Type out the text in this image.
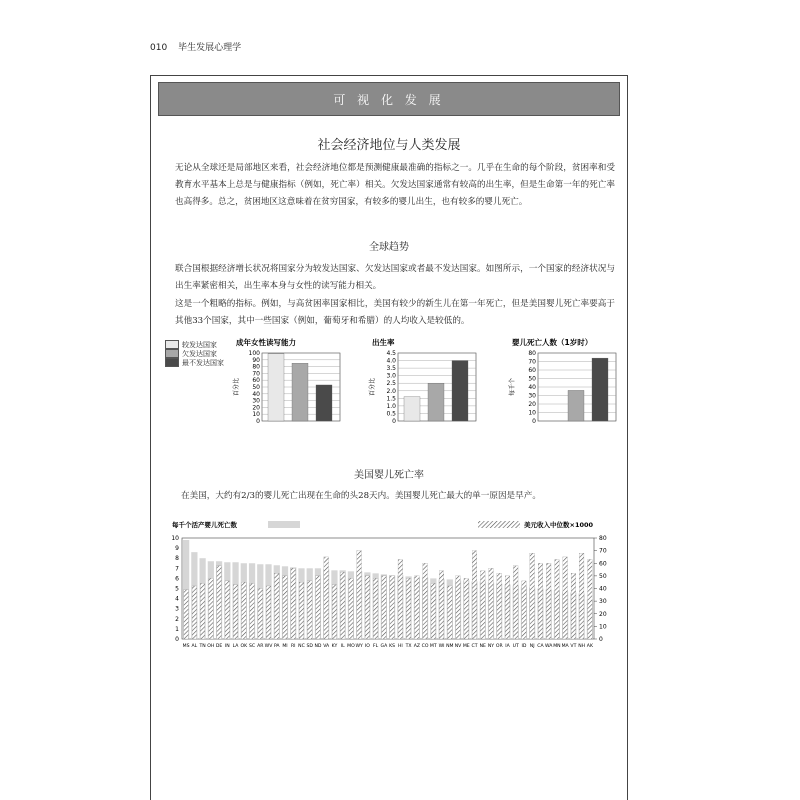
010 毕生发展心理学
可 视 化 发 展
社会经济地位与人类发展
无论从全球还是局部地区来看，社会经济地位都是预测健康最准确的指标之一。几乎在生命的每个阶段，贫困率和受教育水平基本上总是与健康指标（例如，死亡率）相关。欠发达国家通常有较高的出生率，但是生命第一年的死亡率也高得多。总之，贫困地区这意味着在贫穷国家，有较多的婴儿出生，也有较多的婴儿死亡。
全球趋势
联合国根据经济增长状况将国家分为较发达国家、欠发达国家或者最不发达国家。如图所示，一个国家的经济状况与出生率紧密相关，出生率本身与女性的读写能力相关。
这是一个粗略的指标。例如，与高贫困率国家相比，美国有较少的新生儿在第一年死亡，但是美国婴儿死亡率要高于其他33个国家，其中一些国家（例如，葡萄牙和希腊）的人均收入是较低的。
较发达国家
欠发达国家
最不发达国家
成年女性读写能力
百分比
0
10
20
30
40
50
60
70
80
90
100
出生率
百分比
0
0.5
1.0
1.5
2.0
2.5
3.0
3.5
4.0
4.5
婴儿死亡人数（1岁时）
每千个
0
10
20
30
40
50
60
70
80
美国婴儿死亡率
在美国，大约有2/3的婴儿死亡出现在生命的头28天内。美国婴儿死亡最大的单一原因是早产。
每千个活产婴儿死亡数	美元收入中位数×1000
0
1
2
3
4
5
6
7
8
9
10
0
10
20
30
40
50
60
70
80
MS AL TN OH DE IN LA OK SC AR WV PA MI RI NC SD ND VA KY IL MO WY IO FL GA KS HI TX AZ CO MT WI NM NV ME CT NE NY OR IA UT ID NJ CA WA MN MA VT NH AK
